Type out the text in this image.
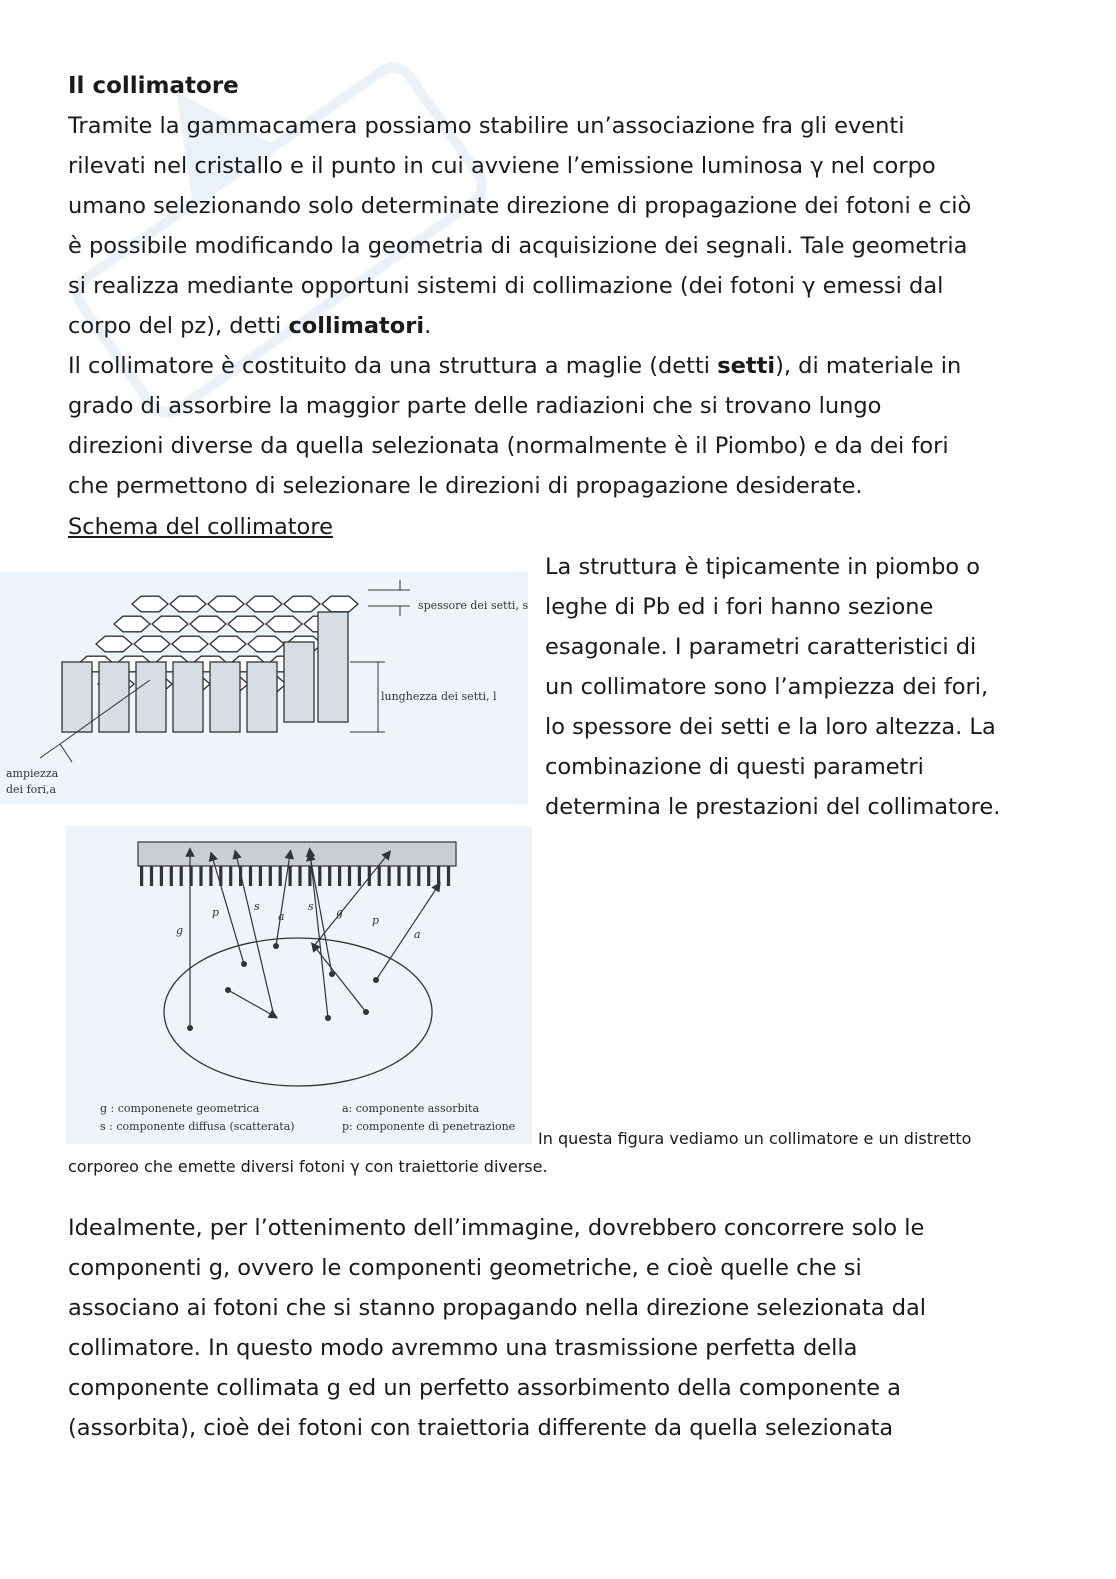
Il collimatore
Tramite la gammacamera possiamo stabilire un’associazione fra gli eventi
rilevati nel cristallo e il punto in cui avviene l’emissione luminosa γ nel corpo
umano selezionando solo determinate direzione di propagazione dei fotoni e ciò
è possibile modificando la geometria di acquisizione dei segnali. Tale geometria
si realizza mediante opportuni sistemi di collimazione (dei fotoni γ emessi dal
corpo del pz), detti collimatori.
Il collimatore è costituito da una struttura a maglie (detti setti), di materiale in
grado di assorbire la maggior parte delle radiazioni che si trovano lungo
direzioni diverse da quella selezionata (normalmente è il Piombo) e da dei fori
che permettono di selezionare le direzioni di propagazione desiderate.
Schema del collimatore
La struttura è tipicamente in piombo o
leghe di Pb ed i fori hanno sezione
esagonale. I parametri caratteristici di
un collimatore sono l’ampiezza dei fori,
lo spessore dei setti e la loro altezza. La
combinazione di questi parametri
determina le prestazioni del collimatore.
spessore dei setti, s
lunghezza dei setti, l
ampiezza
dei fori,a
g
p	s
a
s g
p
a
g : componenete geometrica
s : componente diffusa (scatterata)
a: componente assorbita
p: componente di penetrazione
In questa figura vediamo un collimatore e un distretto
corporeo che emette diversi fotoni γ con traiettorie diverse.
Idealmente, per l’ottenimento dell’immagine, dovrebbero concorrere solo le
componenti g, ovvero le componenti geometriche, e cioè quelle che si
associano ai fotoni che si stanno propagando nella direzione selezionata dal
collimatore. In questo modo avremmo una trasmissione perfetta della
componente collimata g ed un perfetto assorbimento della componente a
(assorbita), cioè dei fotoni con traiettoria differente da quella selezionata
